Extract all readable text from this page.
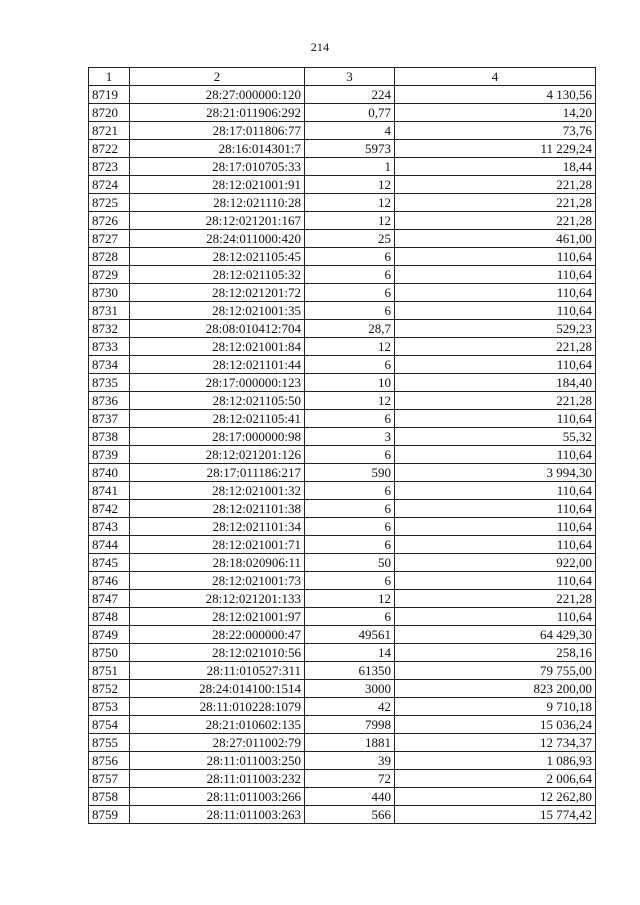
214
1	2	3	4
8719	28:27:000000:120	224	4 130,56
8720	28:21:011906:292	0,77	14,20
8721	28:17:011806:77	4	73,76
8722	28:16:014301:7	5973	11 229,24
8723	28:17:010705:33	1	18,44
8724	28:12:021001:91	12	221,28
8725	28:12:021110:28	12	221,28
8726	28:12:021201:167	12	221,28
8727	28:24:011000:420	25	461,00
8728	28:12:021105:45	6	110,64
8729	28:12:021105:32	6	110,64
8730	28:12:021201:72	6	110,64
8731	28:12:021001:35	6	110,64
8732	28:08:010412:704	28,7	529,23
8733	28:12:021001:84	12	221,28
8734	28:12:021101:44	6	110,64
8735	28:17:000000:123	10	184,40
8736	28:12:021105:50	12	221,28
8737	28:12:021105:41	6	110,64
8738	28:17:000000:98	3	55,32
8739	28:12:021201:126	6	110,64
8740	28:17:011186:217	590	3 994,30
8741	28:12:021001:32	6	110,64
8742	28:12:021101:38	6	110,64
8743	28:12:021101:34	6	110,64
8744	28:12:021001:71	6	110,64
8745	28:18:020906:11	50	922,00
8746	28:12:021001:73	6	110,64
8747	28:12:021201:133	12	221,28
8748	28:12:021001:97	6	110,64
8749	28:22:000000:47	49561	64 429,30
8750	28:12:021010:56	14	258,16
8751	28:11:010527:311	61350	79 755,00
8752	28:24:014100:1514	3000	823 200,00
8753	28:11:010228:1079	42	9 710,18
8754	28:21:010602:135	7998	15 036,24
8755	28:27:011002:79	1881	12 734,37
8756	28:11:011003:250	39	1 086,93
8757	28:11:011003:232	72	2 006,64
8758	28:11:011003:266	440	12 262,80
8759	28:11:011003:263	566	15 774,42
